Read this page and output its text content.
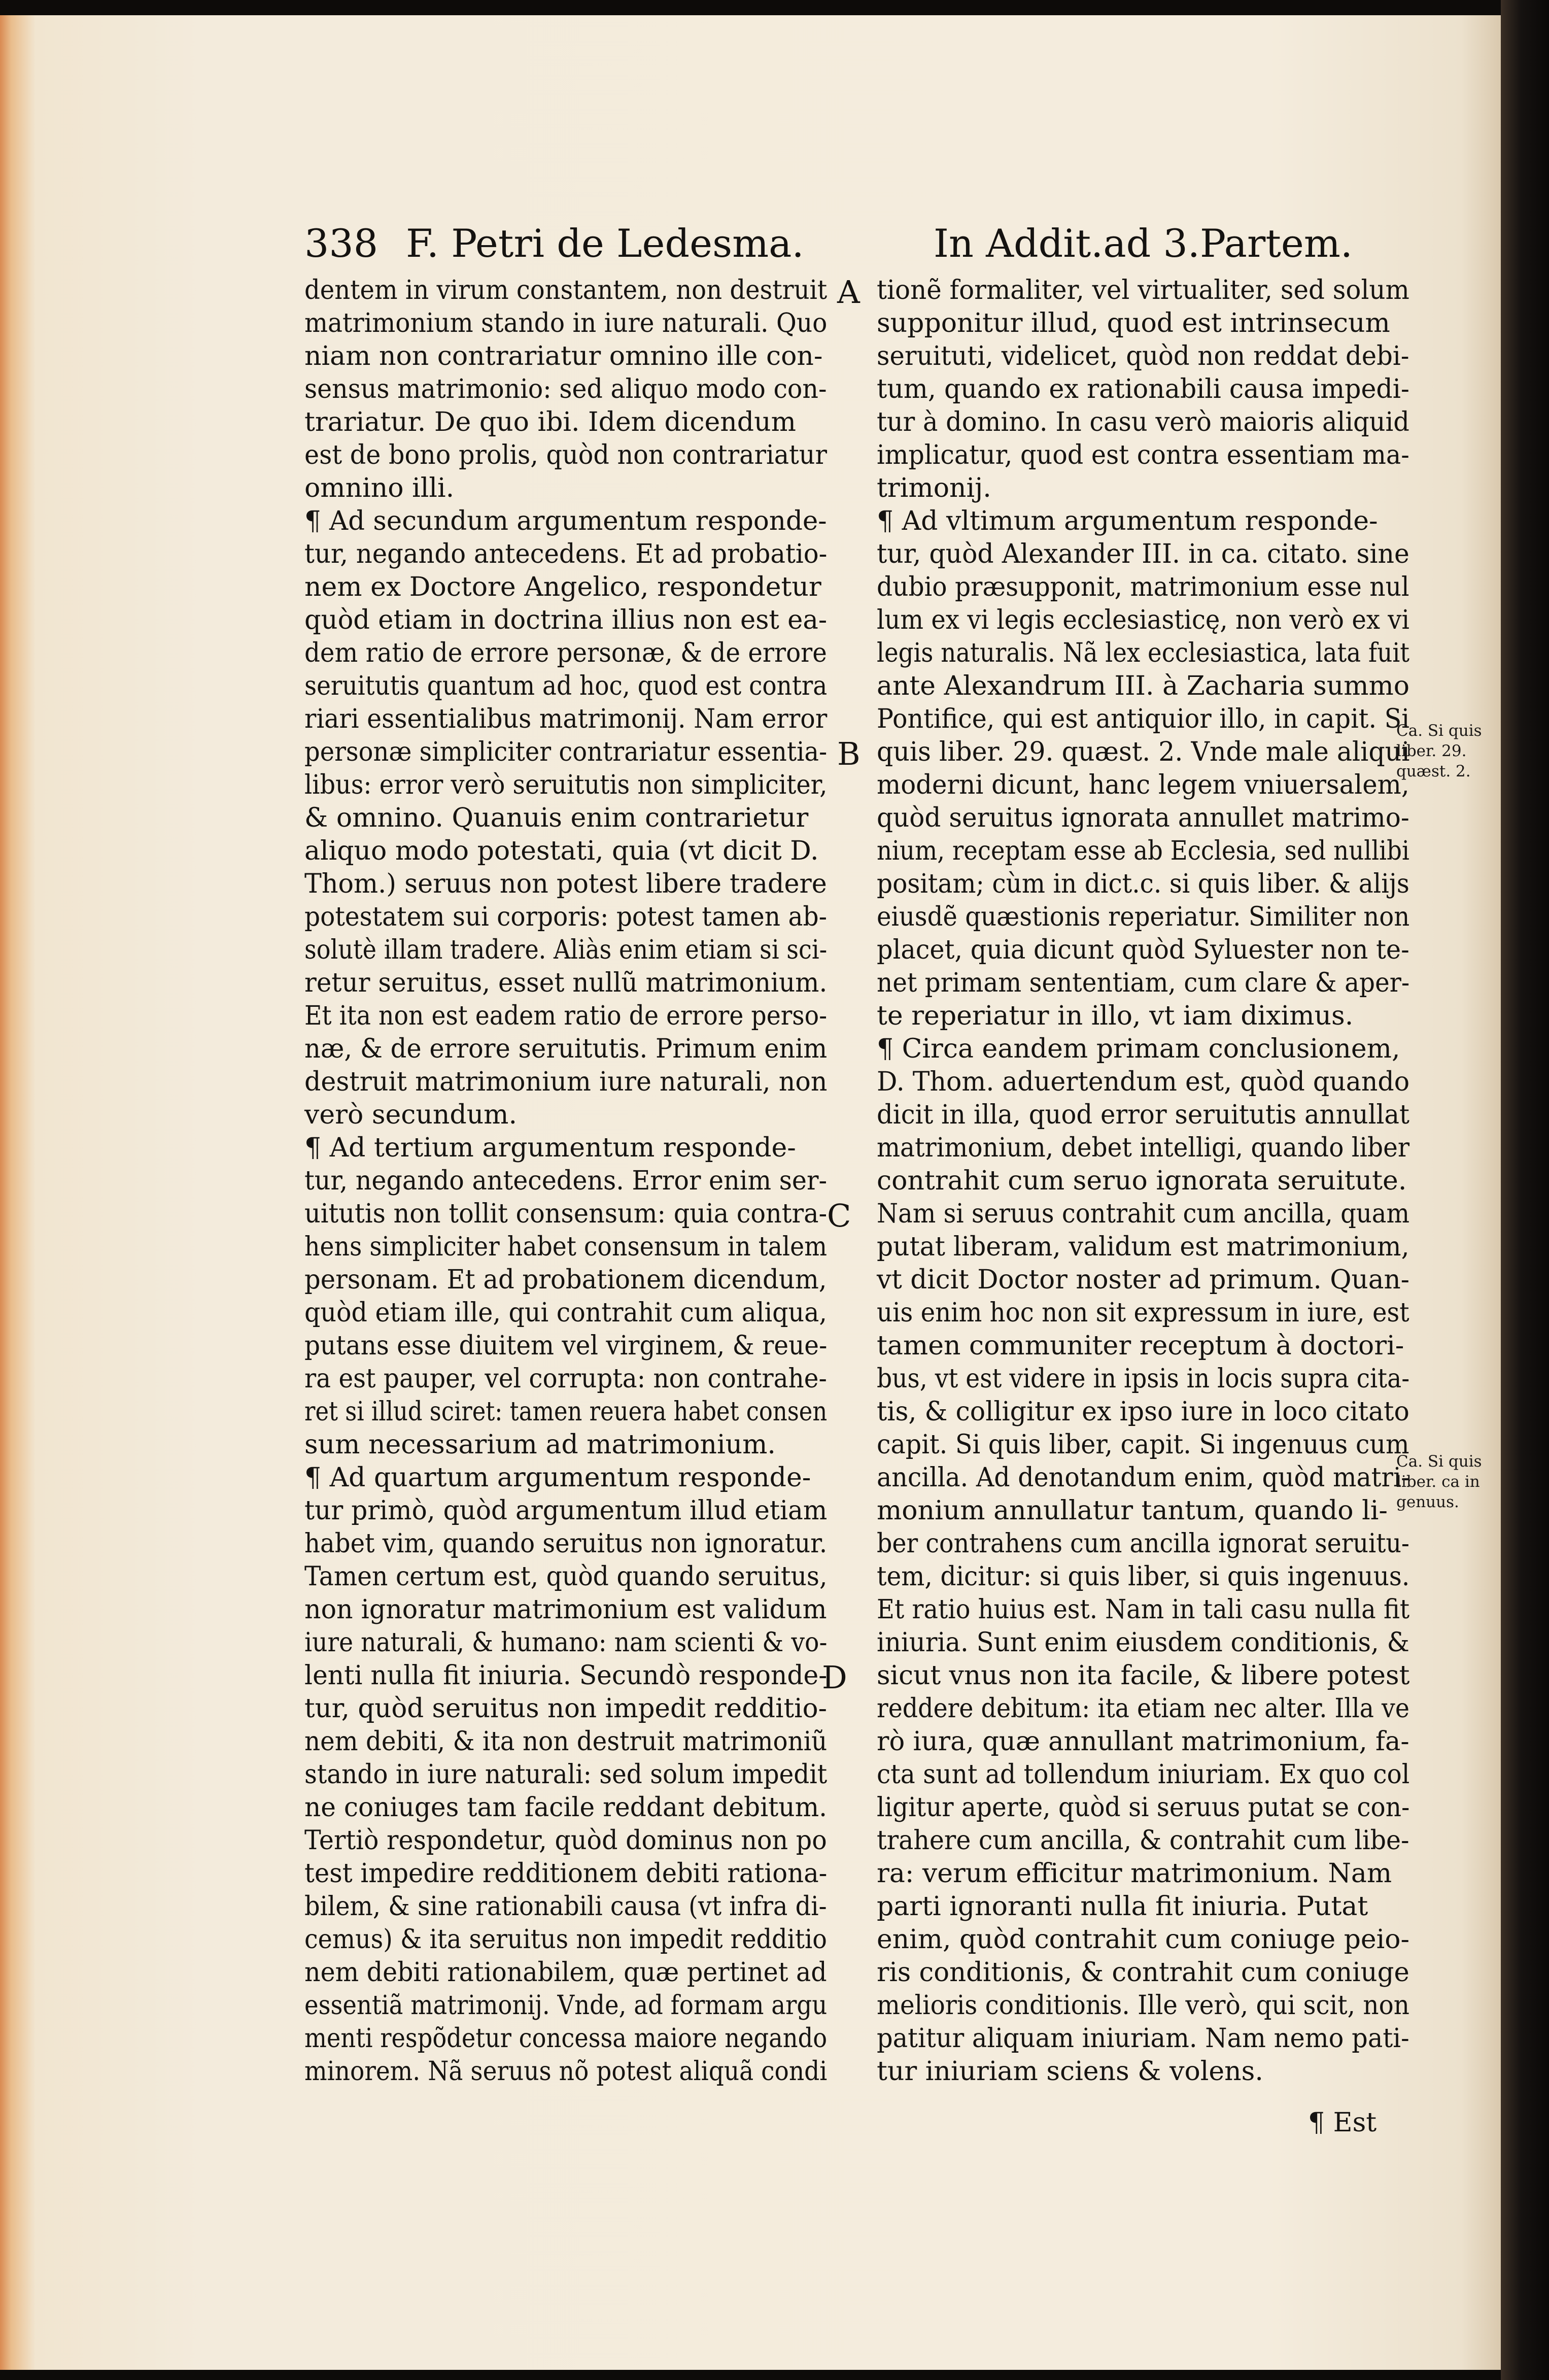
338 F. Petri de Ledesma.	In Addit.ad 3.Partem.

dentem in virum constantem, non destruit

matrimonium stando in iure naturali. Quo

niam non contrariatur omnino ille con-

sensus matrimonio: sed aliquo modo con-

trariatur. De quo ibi. Idem dicendum

est de bono prolis, quòd non contrariatur

omnino illi.

¶ Ad secundum argumentum responde-

tur, negando antecedens. Et ad probatio-

nem ex Doctore Angelico, respondetur

quòd etiam in doctrina illius non est ea-

dem ratio de errore personæ, & de errore

seruitutis quantum ad hoc, quod est contra

riari essentialibus matrimonij. Nam error

personæ simpliciter contrariatur essentia-

libus: error verò seruitutis non simpliciter,

& omnino. Quanuis enim contrarietur

aliquo modo potestati, quia (vt dicit D.

Thom.) seruus non potest libere tradere

potestatem sui corporis: potest tamen ab-

solutè illam tradere. Aliàs enim etiam si sci-

retur seruitus, esset nullũ matrimonium.

Et ita non est eadem ratio de errore perso-

næ, & de errore seruitutis. Primum enim

destruit matrimonium iure naturali, non

verò secundum.

¶ Ad tertium argumentum responde-

tur, negando antecedens. Error enim ser-

uitutis non tollit consensum: quia contra-

hens simpliciter habet consensum in talem

personam. Et ad probationem dicendum,

quòd etiam ille, qui contrahit cum aliqua,

putans esse diuitem vel virginem, & reue-

ra est pauper, vel corrupta: non contrahe-

ret si illud sciret: tamen reuera habet consen

sum necessarium ad matrimonium.

¶ Ad quartum argumentum responde-

tur primò, quòd argumentum illud etiam

habet vim, quando seruitus non ignoratur.

Tamen certum est, quòd quando seruitus,

non ignoratur matrimonium est validum

iure naturali, & humano: nam scienti & vo-

lenti nulla fit iniuria. Secundò responde-

tur, quòd seruitus non impedit redditio-

nem debiti, & ita non destruit matrimoniũ

stando in iure naturali: sed solum impedit

ne coniuges tam facile reddant debitum.

Tertiò respondetur, quòd dominus non po

test impedire redditionem debiti rationa-

bilem, & sine rationabili causa (vt infra di-

cemus) & ita seruitus non impedit redditio

nem debiti rationabilem, quæ pertinet ad

essentiã matrimonij. Vnde, ad formam argu

menti respõdetur concessa maiore negando

minorem. Nã seruus nõ potest aliquã condi

tionẽ formaliter, vel virtualiter, sed solum

supponitur illud, quod est intrinsecum

seruituti, videlicet, quòd non reddat debi-

tum, quando ex rationabili causa impedi-

tur à domino. In casu verò maioris aliquid

implicatur, quod est contra essentiam ma-

trimonij.

¶ Ad vltimum argumentum responde-

tur, quòd Alexander III. in ca. citato. sine

dubio præsupponit, matrimonium esse nul

lum ex vi legis ecclesiasticę, non verò ex vi

legis naturalis. Nã lex ecclesiastica, lata fuit

ante Alexandrum III. à Zacharia summo

Pontifice, qui est antiquior illo, in capit. Si

quis liber. 29. quæst. 2. Vnde male aliqui

moderni dicunt, hanc legem vniuersalem,

quòd seruitus ignorata annullet matrimo-

nium, receptam esse ab Ecclesia, sed nullibi

positam; cùm in dict.c. si quis liber. & alijs

eiusdẽ quæstionis reperiatur. Similiter non

placet, quia dicunt quòd Syluester non te-

net primam sententiam, cum clare & aper-

te reperiatur in illo, vt iam diximus.

¶ Circa eandem primam conclusionem,

D. Thom. aduertendum est, quòd quando

dicit in illa, quod error seruitutis annullat

matrimonium, debet intelligi, quando liber

contrahit cum seruo ignorata seruitute.

Nam si seruus contrahit cum ancilla, quam

putat liberam, validum est matrimonium,

vt dicit Doctor noster ad primum. Quan-

uis enim hoc non sit expressum in iure, est

tamen communiter receptum à doctori-

bus, vt est videre in ipsis in locis supra cita-

tis, & colligitur ex ipso iure in loco citato

capit. Si quis liber, capit. Si ingenuus cum

ancilla. Ad denotandum enim, quòd matri-

monium annullatur tantum, quando li-

ber contrahens cum ancilla ignorat seruitu-

tem, dicitur: si quis liber, si quis ingenuus.

Et ratio huius est. Nam in tali casu nulla fit

iniuria. Sunt enim eiusdem conditionis, &

sicut vnus non ita facile, & libere potest

reddere debitum: ita etiam nec alter. Illa ve

rò iura, quæ annullant matrimonium, fa-

cta sunt ad tollendum iniuriam. Ex quo col

ligitur aperte, quòd si seruus putat se con-

trahere cum ancilla, & contrahit cum libe-

ra: verum efficitur matrimonium. Nam

parti ignoranti nulla fit iniuria. Putat

enim, quòd contrahit cum coniuge peio-

ris conditionis, & contrahit cum coniuge

melioris conditionis. Ille verò, qui scit, non

patitur aliquam iniuriam. Nam nemo pati-

tur iniuriam sciens & volens.

A
B
C
D

Ca. Si quis

liber. 29.

quæst. 2.

Ca. Si quis

liber. ca in

genuus.

¶ Est
